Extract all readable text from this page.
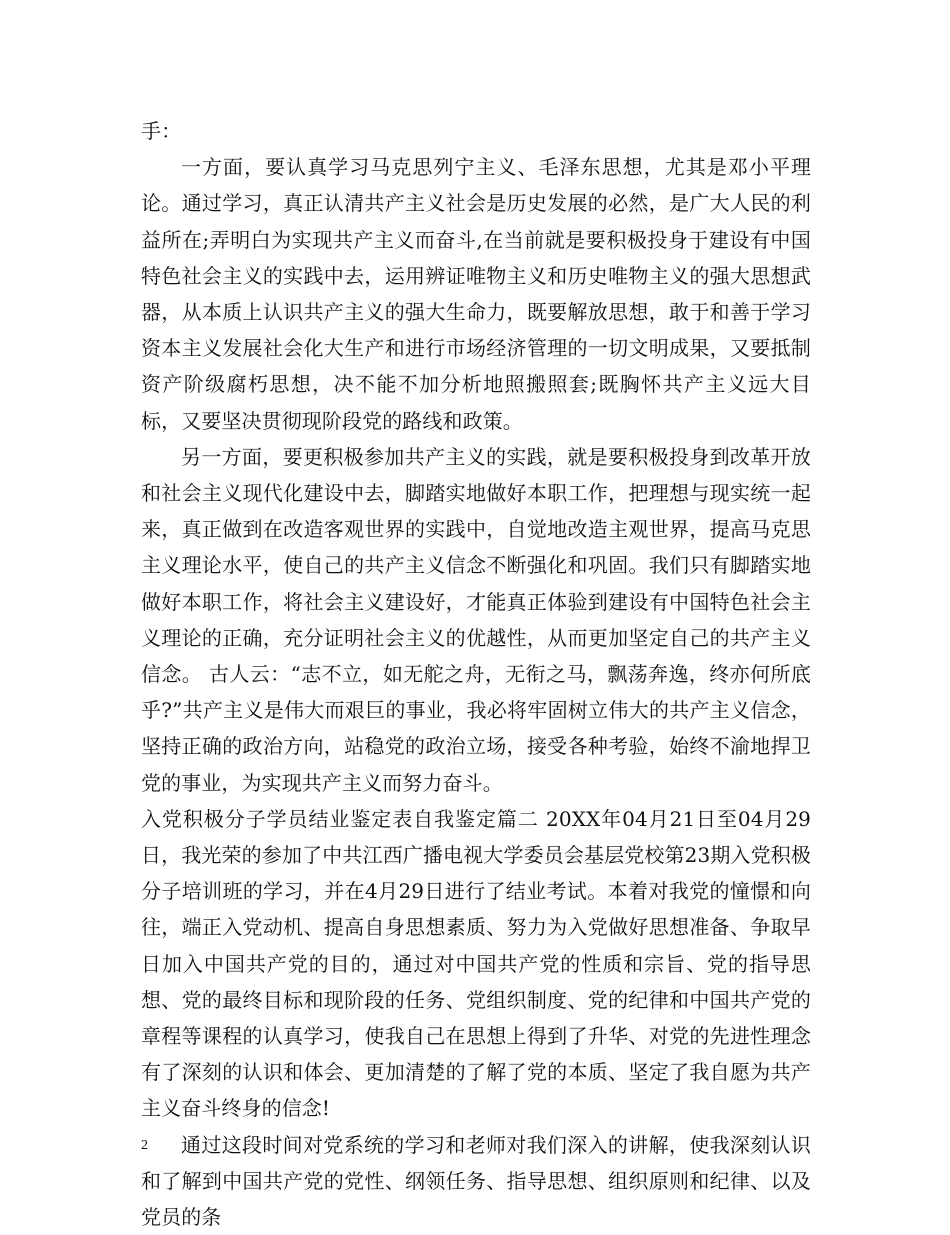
手：

一方面，要认真学习马克思列宁主义、毛泽东思想，尤其是邓小平理论。通过学习，真正认清共产主义社会是历史发展的必然，是广大人民的利益所在;弄明白为实现共产主义而奋斗,在当前就是要积极投身于建设有中国特色社会主义的实践中去，运用辨证唯物主义和历史唯物主义的强大思想武器，从本质上认识共产主义的强大生命力，既要解放思想，敢于和善于学习资本主义发展社会化大生产和进行市场经济管理的一切文明成果，又要抵制资产阶级腐朽思想，决不能不加分析地照搬照套;既胸怀共产主义远大目标，又要坚决贯彻现阶段党的路线和政策。

另一方面，要更积极参加共产主义的实践，就是要积极投身到改革开放和社会主义现代化建设中去，脚踏实地做好本职工作，把理想与现实统一起来，真正做到在改造客观世界的实践中，自觉地改造主观世界，提高马克思主义理论水平，使自己的共产主义信念不断强化和巩固。我们只有脚踏实地做好本职工作，将社会主义建设好，才能真正体验到建设有中国特色社会主义理论的正确，充分证明社会主义的优越性，从而更加坚定自己的共产主义信念。 古人云：“志不立，如无舵之舟，无衔之马，飘荡奔逸，终亦何所底乎?”共产主义是伟大而艰巨的事业，我必将牢固树立伟大的共产主义信念，坚持正确的政治方向，站稳党的政治立场，接受各种考验，始终不渝地捍卫党的事业，为实现共产主义而努力奋斗。

入党积极分子学员结业鉴定表自我鉴定篇二 20XX年04月21日至04月29日，我光荣的参加了中共江西广播电视大学委员会基层党校第23期入党积极分子培训班的学习，并在4月29日进行了结业考试。本着对我党的憧憬和向往，端正入党动机、提高自身思想素质、努力为入党做好思想准备、争取早日加入中国共产党的目的，通过对中国共产党的性质和宗旨、党的指导思想、党的最终目标和现阶段的任务、党组织制度、党的纪律和中国共产党的章程等课程的认真学习，使我自己在思想上得到了升华、对党的先进性理念有了深刻的认识和体会、更加清楚的了解了党的本质、坚定了我自愿为共产主义奋斗终身的信念!

通过这段时间对党系统的学习和老师对我们深入的讲解，使我深刻认识和了解到中国共产党的党性、纲领任务、指导思想、组织原则和纪律、以及党员的条

2
